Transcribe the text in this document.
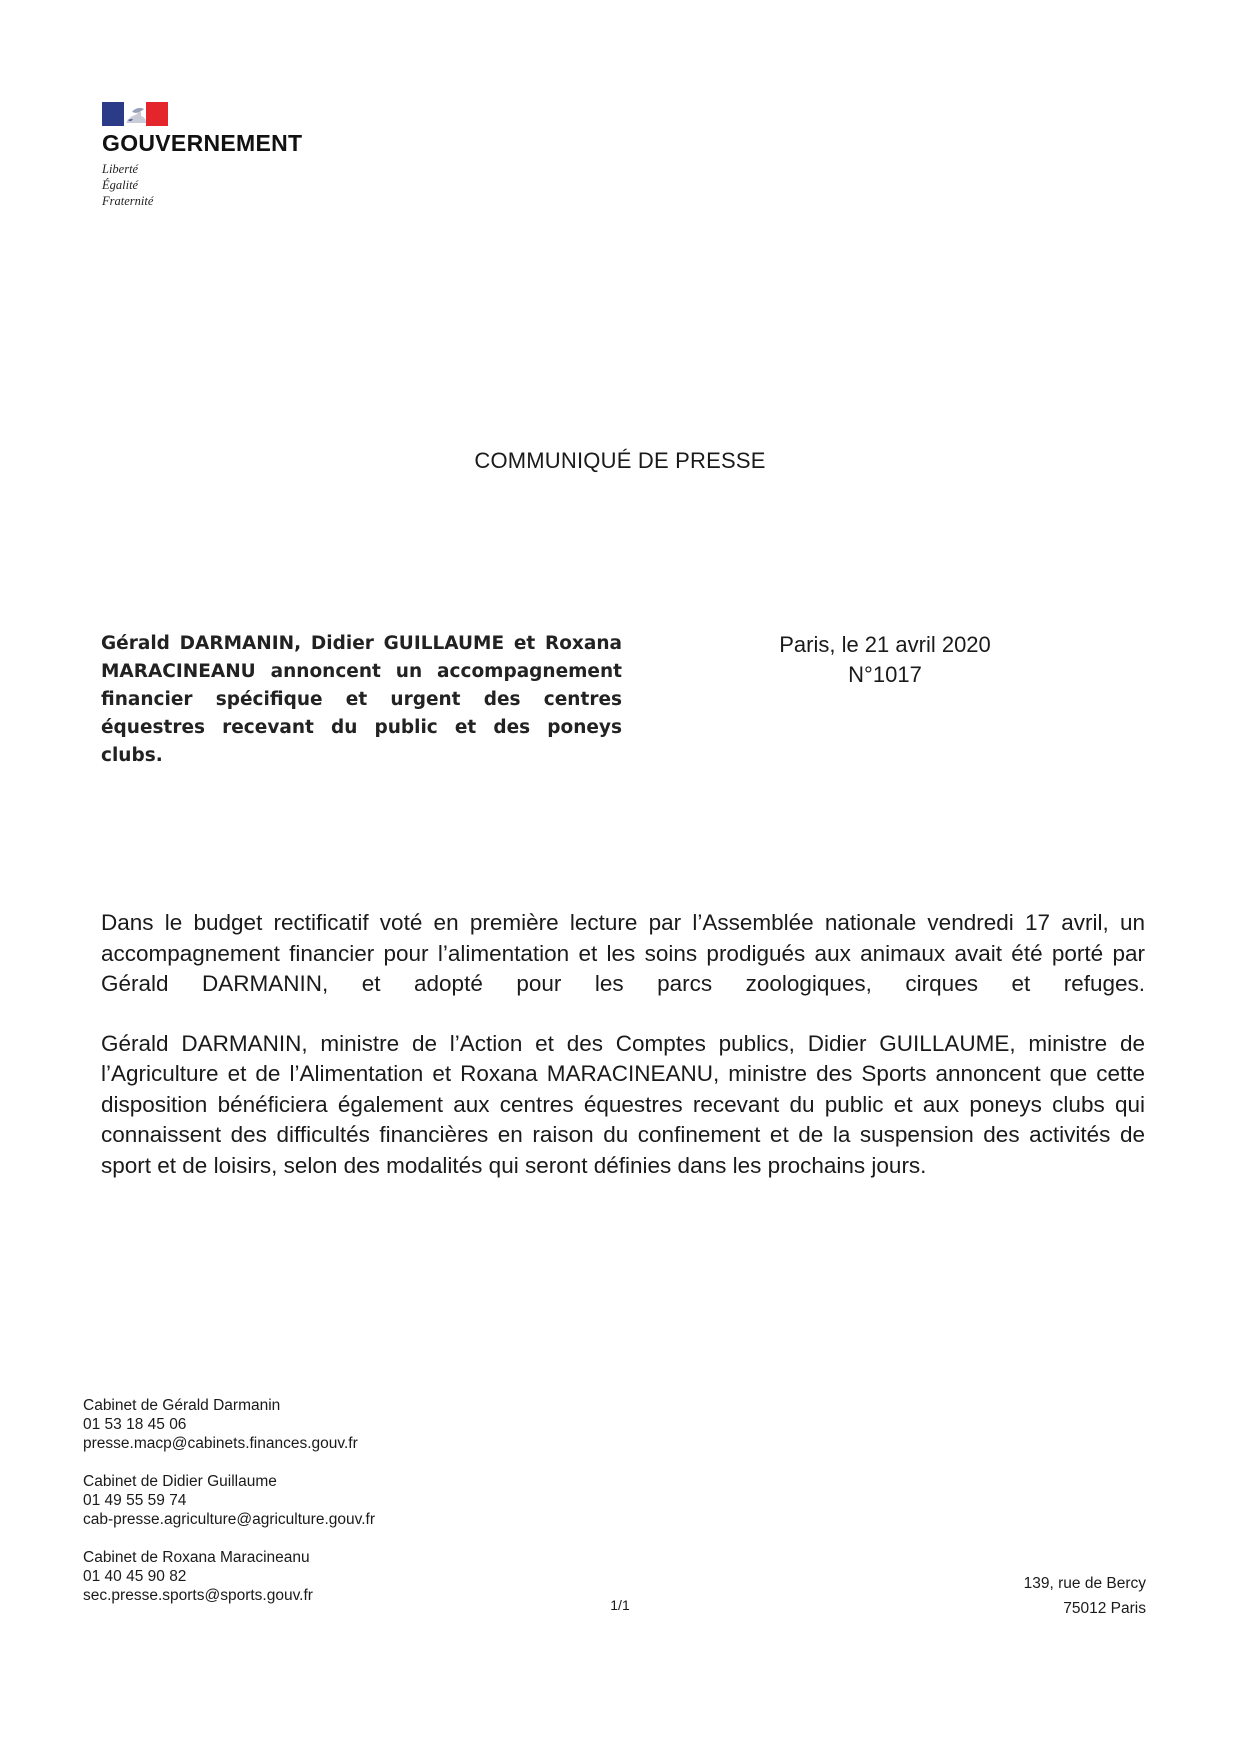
GOUVERNEMENT
Liberté
Égalité
Fraternité
COMMUNIQUÉ DE PRESSE
Gérald DARMANIN, Didier GUILLAUME et Roxana MARACINEANU annoncent un accompagnement financier spécifique et urgent des centres équestres recevant du public et des poneys clubs.
Paris, le 21 avril 2020
N°1017

Dans le budget rectificatif voté en première lecture par l’Assemblée nationale vendredi 17 avril, un accompagnement financier pour l’alimentation et les soins prodigués aux animaux avait été porté par Gérald DARMANIN, et adopté pour les parcs zoologiques, cirques et refuges.

Gérald DARMANIN, ministre de l’Action et des Comptes publics, Didier GUILLAUME, ministre de l’Agriculture et de l’Alimentation et Roxana MARACINEANU, ministre des Sports annoncent que cette disposition bénéficiera également aux centres équestres recevant du public et aux poneys clubs qui connaissent des difficultés financières en raison du confinement et de la suspension des activités de sport et de loisirs, selon des modalités qui seront définies dans les prochains jours.

Cabinet de Gérald Darmanin
01 53 18 45 06
presse.macp@cabinets.finances.gouv.fr
Cabinet de Didier Guillaume
01 49 55 59 74
cab-presse.agriculture@agriculture.gouv.fr
Cabinet de Roxana Maracineanu
01 40 45 90 82
sec.presse.sports@sports.gouv.fr
1/1
139, rue de Bercy
75012 Paris
